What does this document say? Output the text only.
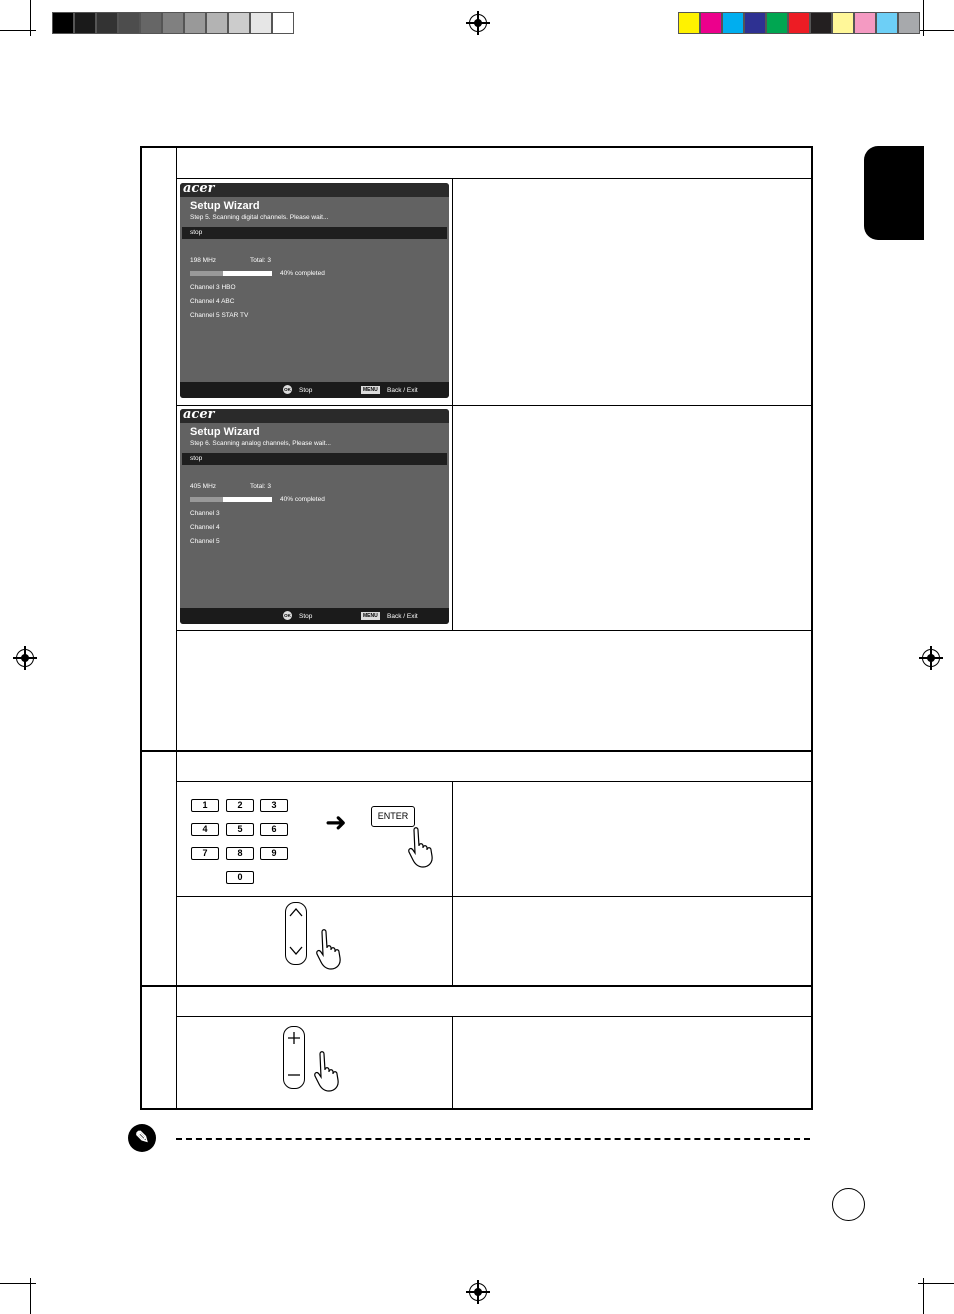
acer
Setup Wizard
Step 5. Scanning digital channels. Please wait...
stop
198 MHz	Total: 3
40% completed
Channel 3 HBO
Channel 4 ABC
Channel 5 STAR TV
OK Stop	MENU	Back / Exit
acer
Setup Wizard
Step 6. Scanning analog channels, Please wait...
stop
405 MHz	Total: 3
40% completed
Channel 3
Channel 4
Channel 5
OK Stop	MENU	Back / Exit
1	2	3
4	5	6
7	8	9
0
➜	ENTER
✎
